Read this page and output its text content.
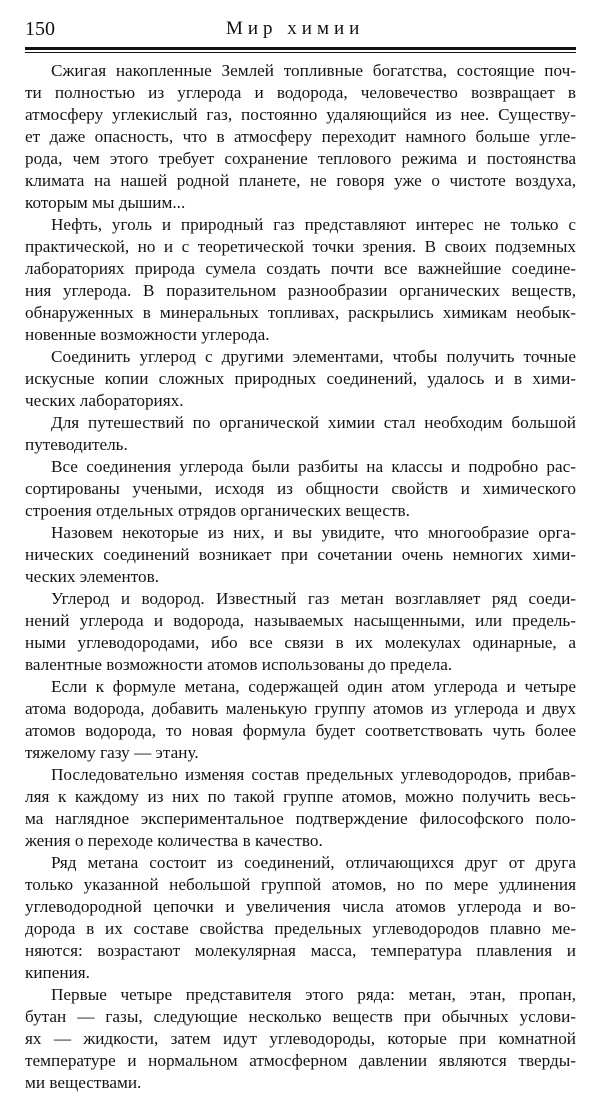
150	Мир химии
Сжигая накопленные Землей топливные богатства, состоящие поч-
ти полностью из углерода и водорода, человечество возвращает в
атмосферу углекислый газ, постоянно удаляющийся из нее. Существу-
ет даже опасность, что в атмосферу переходит намного больше угле-
рода, чем этого требует сохранение теплового режима и постоянства
климата на нашей родной планете, не говоря уже о чистоте воздуха,
которым мы дышим...
Нефть, уголь и природный газ представляют интерес не только с
практической, но и с теоретической точки зрения. В своих подземных
лабораториях природа сумела создать почти все важнейшие соедине-
ния углерода. В поразительном разнообразии органических веществ,
обнаруженных в минеральных топливах, раскрылись химикам необык-
новенные возможности углерода.
Соединить углерод с другими элементами, чтобы получить точные
искусные копии сложных природных соединений, удалось и в хими-
ческих лабораториях.
Для путешествий по органической химии стал необходим большой
путеводитель.
Все соединения углерода были разбиты на классы и подробно рас-
сортированы учеными, исходя из общности свойств и химического
строения отдельных отрядов органических веществ.
Назовем некоторые из них, и вы увидите, что многообразие орга-
нических соединений возникает при сочетании очень немногих хими-
ческих элементов.
Углерод и водород. Известный газ метан возглавляет ряд соеди-
нений углерода и водорода, называемых насыщенными, или предель-
ными углеводородами, ибо все связи в их молекулах одинарные, а
валентные возможности атомов использованы до предела.
Если к формуле метана, содержащей один атом углерода и четыре
атома водорода, добавить маленькую группу атомов из углерода и двух
атомов водорода, то новая формула будет соответствовать чуть более
тяжелому газу — этану.
Последовательно изменяя состав предельных углеводородов, прибав-
ляя к каждому из них по такой группе атомов, можно получить весь-
ма наглядное экспериментальное подтверждение философского поло-
жения о переходе количества в качество.
Ряд метана состоит из соединений, отличающихся друг от друга
только указанной небольшой группой атомов, но по мере удлинения
углеводородной цепочки и увеличения числа атомов углерода и во-
дорода в их составе свойства предельных углеводородов плавно ме-
няются: возрастают молекулярная масса, температура плавления и
кипения.
Первые четыре представителя этого ряда: метан, этан, пропан,
бутан — газы, следующие несколько веществ при обычных услови-
ях — жидкости, затем идут углеводороды, которые при комнатной
температуре и нормальном атмосферном давлении являются тверды-
ми веществами.
